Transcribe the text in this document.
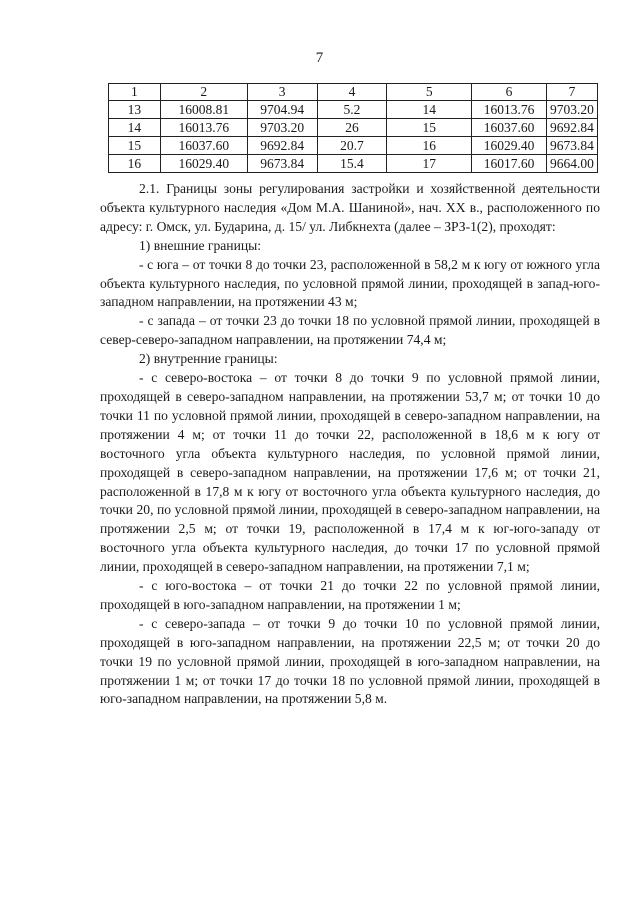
7
1	2	3	4	5	6	7
13	16008.81	9704.94	5.2	14	16013.76	9703.20
14	16013.76	9703.20	26	15	16037.60	9692.84
15	16037.60	9692.84	20.7	16	16029.40	9673.84
16	16029.40	9673.84	15.4	17	16017.60	9664.00

2.1. Границы зоны регулирования застройки и хозяйственной деятельности объекта культурного наследия «Дом М.А. Шаниной», нач. XX в., расположенного по адресу: г. Омск, ул. Бударина, д. 15/ ул. Либкнехта (далее – ЗРЗ-1(2), проходят:

1) внешние границы:

- с юга – от точки 8 до точки 23, расположенной в 58,2 м к югу от южного угла объекта культурного наследия, по условной прямой линии, проходящей в запад-юго-западном направлении, на протяжении 43 м;

- с запада – от точки 23 до точки 18 по условной прямой линии, проходящей в север-северо-западном направлении, на протяжении 74,4 м;

2) внутренние границы:

- с северо-востока – от точки 8 до точки 9 по условной прямой линии, проходящей в северо-западном направлении, на протяжении 53,7 м; от точки 10 до точки 11 по условной прямой линии, проходящей в северо-западном направлении, на протяжении 4 м; от точки 11 до точки 22, расположенной в 18,6 м к югу от восточного угла объекта культурного наследия, по условной прямой линии, проходящей в северо-западном направлении, на протяжении 17,6 м; от точки 21, расположенной в 17,8 м к югу от восточного угла объекта культурного наследия, до точки 20, по условной прямой линии, проходящей в северо-западном направлении, на протяжении 2,5 м; от точки 19, расположенной в 17,4 м к юг-юго-западу от восточного угла объекта культурного наследия, до точки 17 по условной прямой линии, проходящей в северо-западном направлении, на протяжении 7,1 м;

- с юго-востока – от точки 21 до точки 22 по условной прямой линии, проходящей в юго-западном направлении, на протяжении 1 м;

- с северо-запада – от точки 9 до точки 10 по условной прямой линии, проходящей в юго-западном направлении, на протяжении 22,5 м; от точки 20 до точки 19 по условной прямой линии, проходящей в юго-западном направлении, на протяжении 1 м; от точки 17 до точки 18 по условной прямой линии, проходящей в юго-западном направлении, на протяжении 5,8 м.
